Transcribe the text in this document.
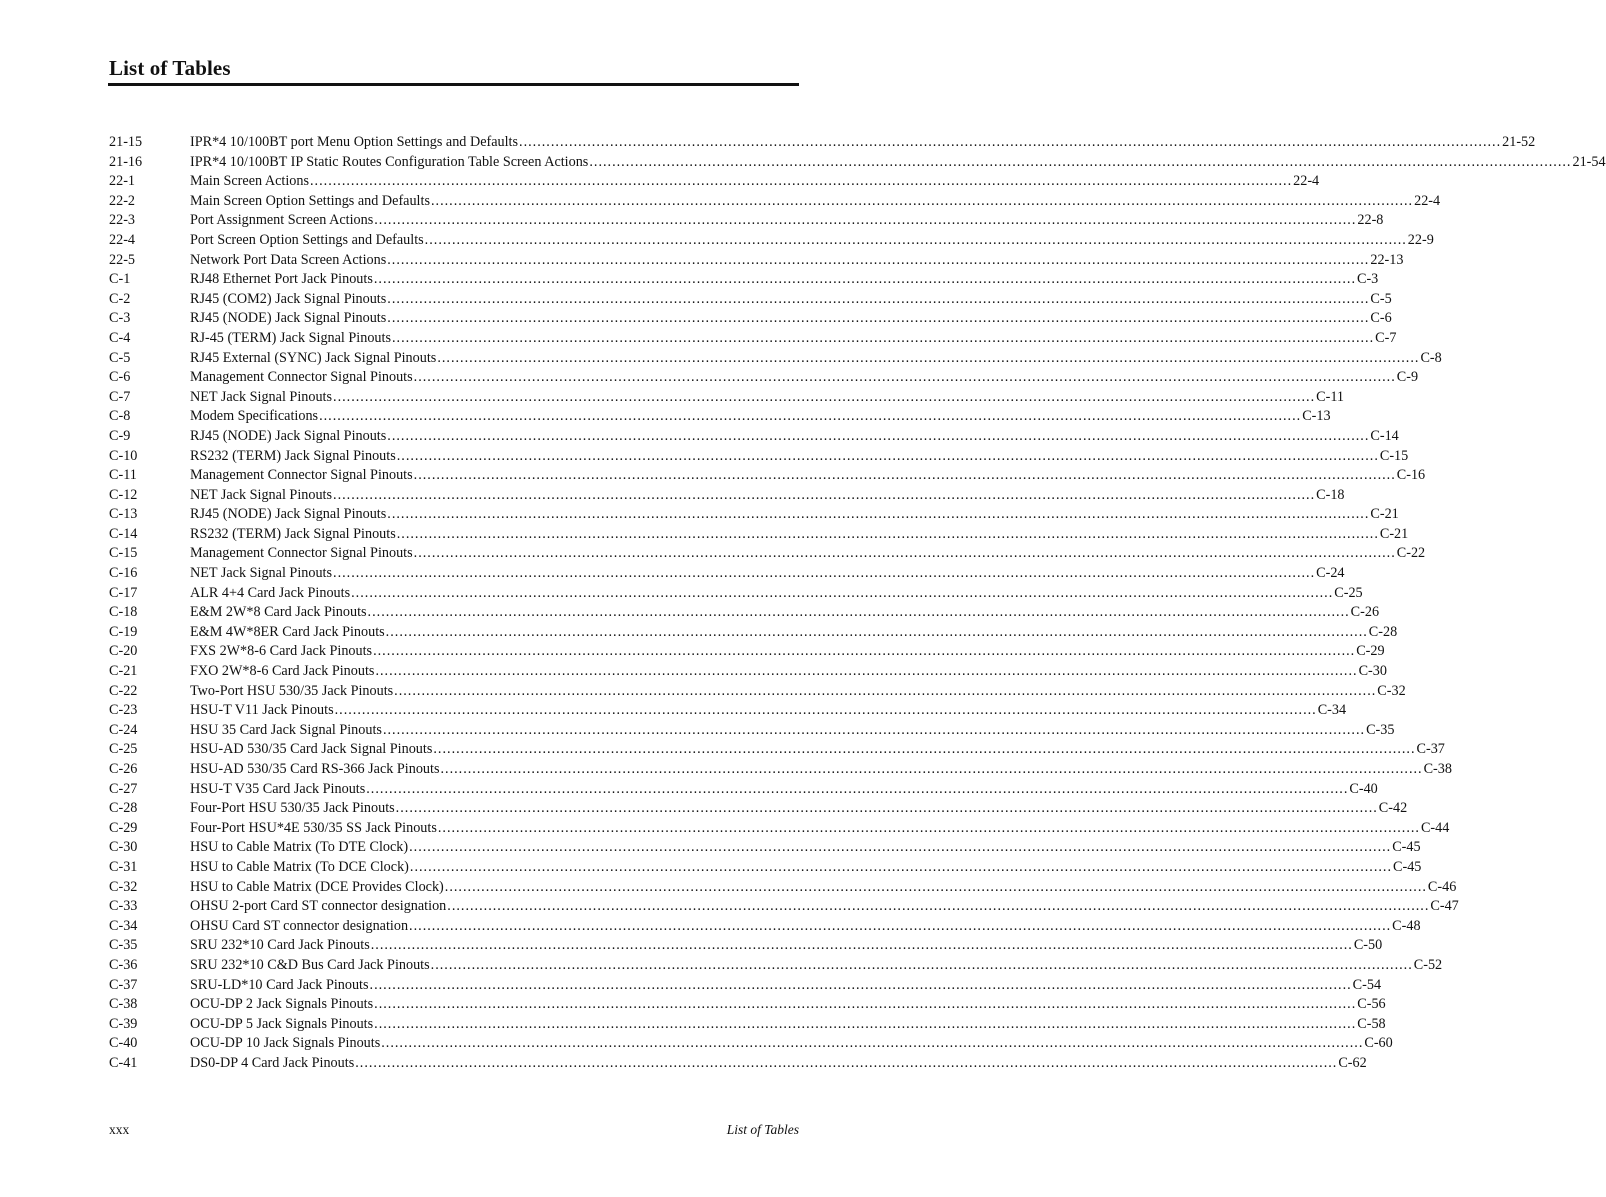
List of Tables
21-15	IPR*4 10/100BT port Menu Option Settings and Defaults .....	21-52
21-16	IPR*4 10/100BT IP Static Routes Configuration Table Screen Actions .....	21-54
22-1	Main Screen Actions .....	22-4
22-2	Main Screen Option Settings and Defaults .....	22-4
22-3	Port Assignment Screen Actions .....	22-8
22-4	Port Screen Option Settings and Defaults .....	22-9
22-5	Network Port Data Screen Actions .....	22-13
C-1	RJ48 Ethernet Port Jack Pinouts .....	C-3
C-2	RJ45 (COM2) Jack Signal Pinouts .....	C-5
C-3	RJ45 (NODE) Jack Signal Pinouts .....	C-6
C-4	RJ-45 (TERM) Jack Signal Pinouts .....	C-7
C-5	RJ45 External (SYNC) Jack Signal Pinouts .....	C-8
C-6	Management Connector Signal Pinouts .....	C-9
C-7	NET Jack Signal Pinouts .....	C-11
C-8	Modem Specifications .....	C-13
C-9	RJ45 (NODE) Jack Signal Pinouts .....	C-14
C-10	RS232 (TERM) Jack Signal Pinouts .....	C-15
C-11	Management Connector Signal Pinouts .....	C-16
C-12	NET Jack Signal Pinouts .....	C-18
C-13	RJ45 (NODE) Jack Signal Pinouts .....	C-21
C-14	RS232 (TERM) Jack Signal Pinouts .....	C-21
C-15	Management Connector Signal Pinouts .....	C-22
C-16	NET Jack Signal Pinouts .....	C-24
C-17	ALR 4+4 Card Jack Pinouts .....	C-25
C-18	E&M 2W*8 Card Jack Pinouts .....	C-26
C-19	E&M 4W*8ER Card Jack Pinouts .....	C-28
C-20	FXS 2W*8-6 Card Jack Pinouts .....	C-29
C-21	FXO 2W*8-6 Card Jack Pinouts .....	C-30
C-22	Two-Port HSU 530/35 Jack Pinouts .....	C-32
C-23	HSU-T V11 Jack Pinouts .....	C-34
C-24	HSU 35 Card Jack Signal Pinouts .....	C-35
C-25	HSU-AD 530/35 Card Jack Signal Pinouts .....	C-37
C-26	HSU-AD 530/35 Card RS-366 Jack Pinouts .....	C-38
C-27	HSU-T V35 Card Jack Pinouts .....	C-40
C-28	Four-Port HSU 530/35 Jack Pinouts .....	C-42
C-29	Four-Port HSU*4E 530/35 SS Jack Pinouts .....	C-44
C-30	HSU to Cable Matrix (To DTE Clock) .....	C-45
C-31	HSU to Cable Matrix (To DCE Clock) .....	C-45
C-32	HSU to Cable Matrix (DCE Provides Clock) .....	C-46
C-33	OHSU 2-port Card ST connector designation .....	C-47
C-34	OHSU Card ST connector designation .....	C-48
C-35	SRU 232*10 Card Jack Pinouts .....	C-50
C-36	SRU 232*10 C&D Bus Card Jack Pinouts .....	C-52
C-37	SRU-LD*10 Card Jack Pinouts .....	C-54
C-38	OCU-DP 2 Jack Signals Pinouts .....	C-56
C-39	OCU-DP 5 Jack Signals Pinouts .....	C-58
C-40	OCU-DP 10 Jack Signals Pinouts .....	C-60
C-41	DS0-DP 4 Card Jack Pinouts .....	C-62
xxx	List of Tables
